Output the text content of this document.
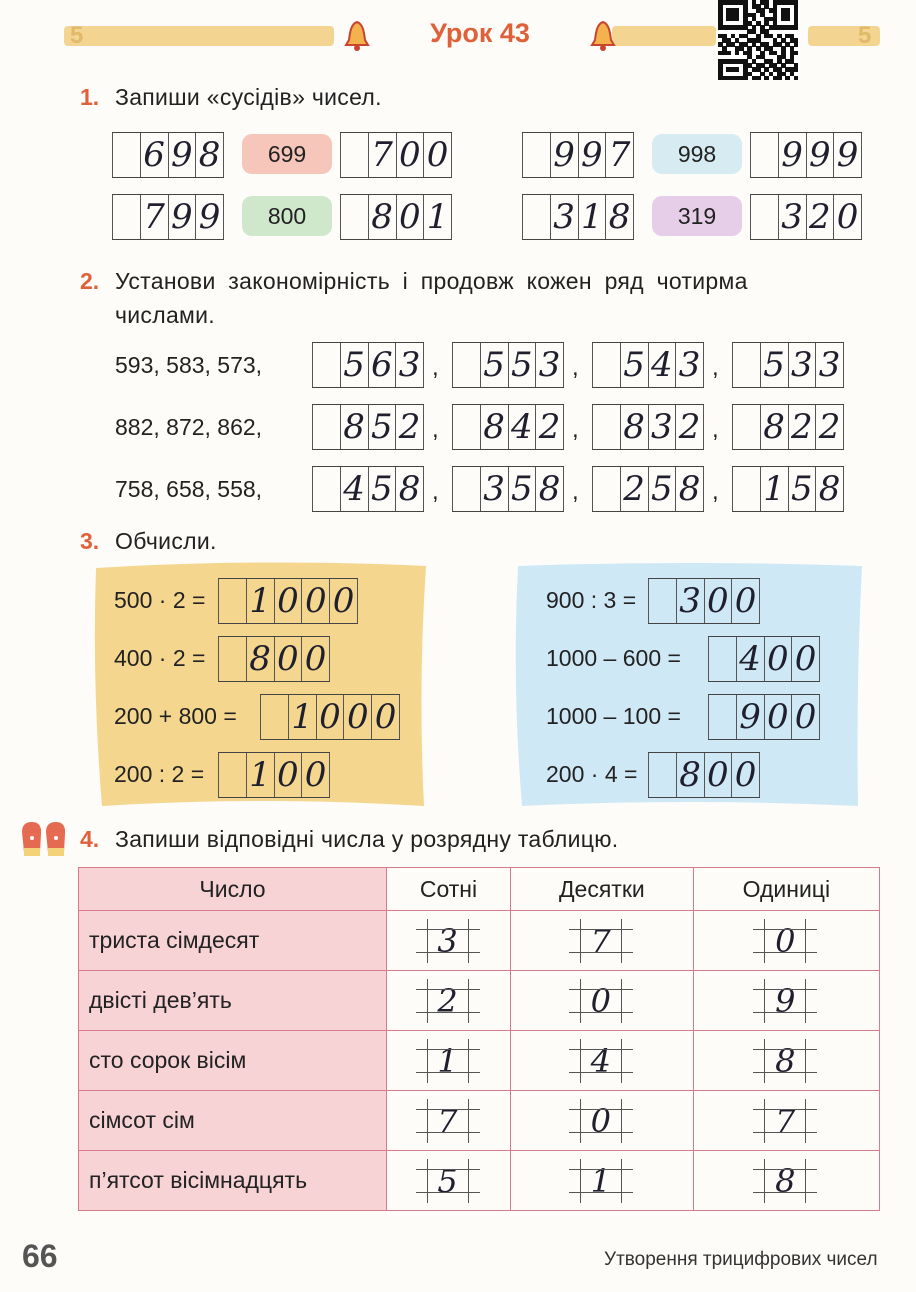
5	5
Урок 43
1. Запиши «сусідів» чисел.
6 9 8	699	7 0 0	9 9 7	998	9 9 9
7 9 9	800	8 0 1	3 1 8	319	3 2 0
2. Установи закономірність і продовж кожен ряд чотирма
числами.
593, 583, 573, 5 6 3 , 5 5 3 , 5 4 3 , 5 3 3
882, 872, 862, 8 5 2 , 8 4 2 , 8 3 2 , 8 2 2
758, 658, 558, 4 5 8 , 3 5 8 , 2 5 8 , 1 5 8
3. Обчисли.
500 · 2 = 1 0 0 0
400 · 2 = 8 0 0
200 + 800 = 1 0 0 0
200 : 2 = 1 0 0
900 : 3 = 3 0 0
1000 – 600 = 4 0 0
1000 – 100 = 9 0 0
200 · 4 = 8 0 0
4. Запиши відповідні числа у розрядну таблицю.
Число	Сотні	Десятки	Одиниці
триста сімдесят	3	7	0

двісті дев’ять	2	0	9

сто сорок вісім	1	4	8

сімсот сім	7	0	7

п’ятсот вісімнадцять	5	1	8
66	Утворення трицифрових чисел
